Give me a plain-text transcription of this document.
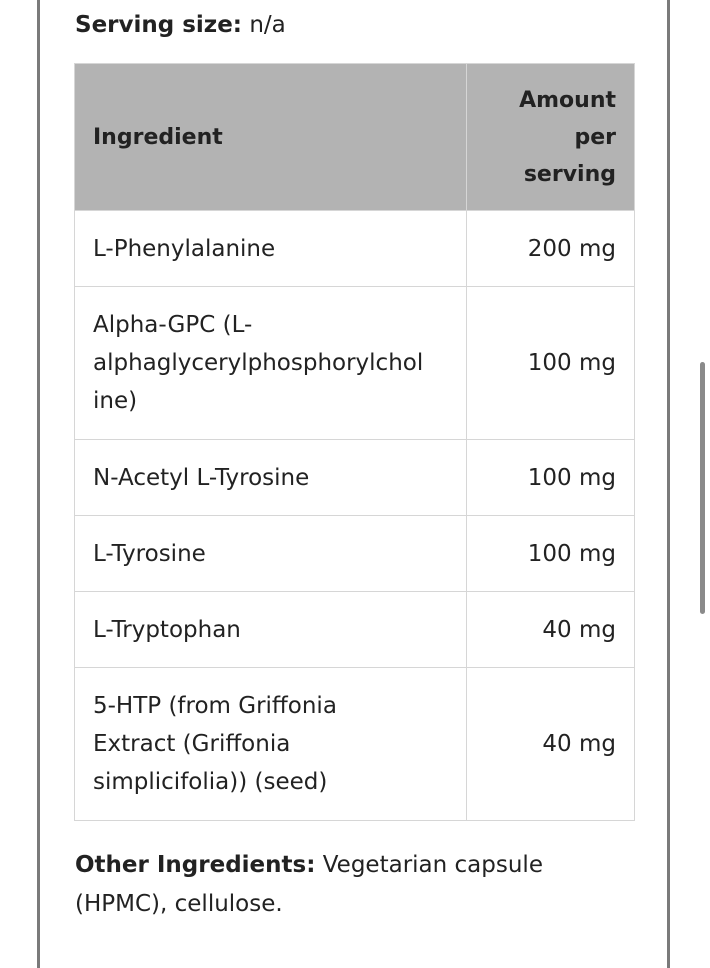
Serving size: n/a
Ingredient	Amount
per
serving
L-Phenylalanine	200 mg
Alpha-GPC (L-
alphaglycerylphosphorylchol
ine)	100 mg
N-Acetyl L-Tyrosine	100 mg
L-Tyrosine	100 mg
L-Tryptophan	40 mg
5-HTP (from Griffonia
Extract (Griffonia
simplicifolia)) (seed)	40 mg
Other Ingredients: Vegetarian capsule (HPMC), cellulose.
